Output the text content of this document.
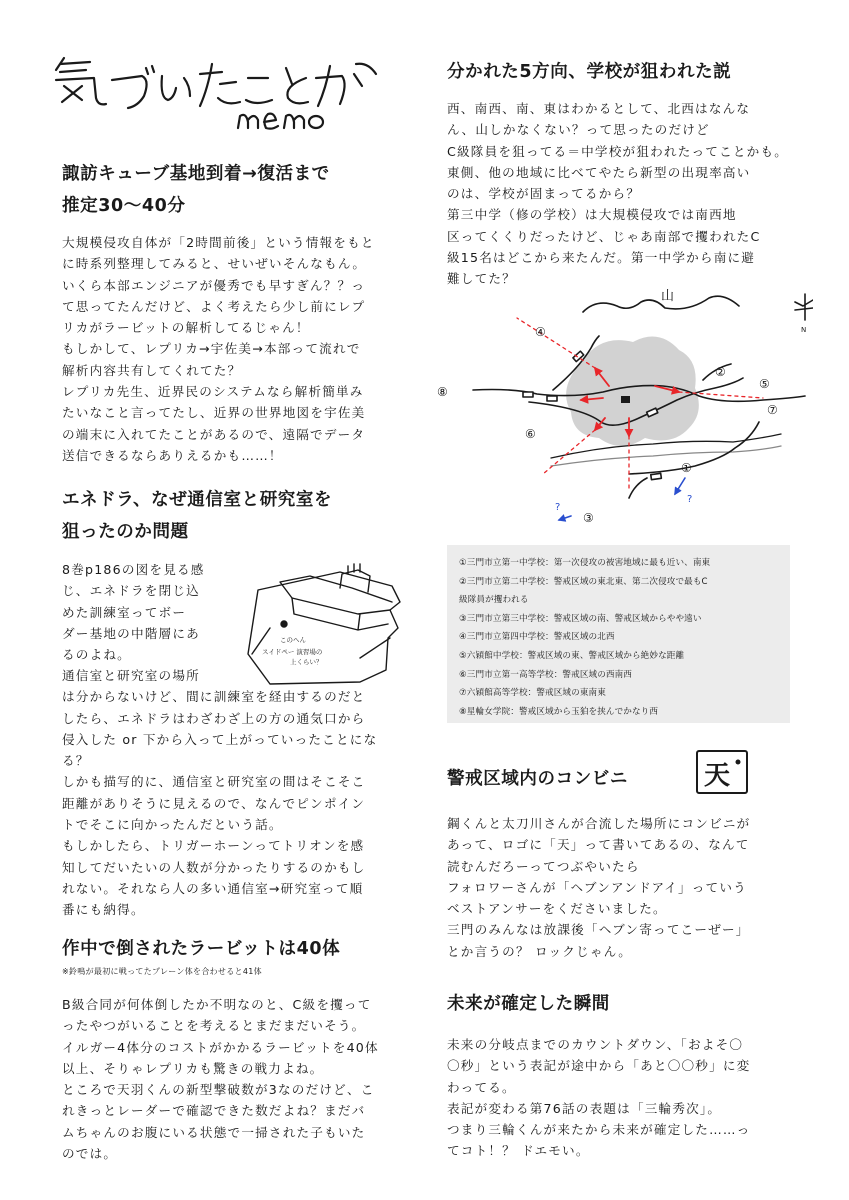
諏訪キューブ基地到着→復活まで
推定30〜40分
大規模侵攻自体が「2時間前後」という情報をもと
に時系列整理してみると、せいぜいそんなもん。
いくら本部エンジニアが優秀でも早すぎん？？っ
て思ってたんだけど、よく考えたら少し前にレプ
リカがラービットの解析してるじゃん！
もしかして、レプリカ→宇佐美→本部って流れで
解析内容共有してくれてた？
レプリカ先生、近界民のシステムなら解析簡単み
たいなこと言ってたし、近界の世界地図を宇佐美
の端末に入れてたことがあるので、遠隔でデータ
送信できるならありえるかも……！
エネドラ、なぜ通信室と研究室を
狙ったのか問題
8巻p186の図を見る感
じ、エネドラを閉じ込
めた訓練室ってボー
ダー基地の中階層にあ
るのよね。
通信室と研究室の場所
は分からないけど、間に訓練室を経由するのだと
したら、エネドラはわざわざ上の方の通気口から
侵入した or 下から入って上がっていったことにな
る？
しかも描写的に、通信室と研究室の間はそこそこ
距離がありそうに見えるので、なんでピンポイン
トでそこに向かったんだという話。
もしかしたら、トリガーホーンってトリオンを感
知してだいたいの人数が分かったりするのかもし
れない。それなら人の多い通信室→研究室って順
番にも納得。
このへん
スイドペー 演習場の
上くらい？
作中で倒されたラービットは40体
※鈴鳴が最初に戦ってたプレーン体を合わせると41体
B級合同が何体倒したか不明なのと、C級を攫って
ったやつがいることを考えるとまだまだいそう。
イルガー4体分のコストがかかるラービットを40体
以上、そりゃレプリカも驚きの戦力よね。
ところで天羽くんの新型撃破数が3なのだけど、こ
れきっとレーダーで確認できた数だよね？まだバ
ムちゃんのお腹にいる状態で一掃された子もいた
のでは。
分かれた5方向、学校が狙われた説
西、南西、南、東はわかるとして、北西はなんな
ん、山しかなくない？って思ったのだけど
C級隊員を狙ってる＝中学校が狙われたってことかも。
東側、他の地域に比べてやたら新型の出現率高い
のは、学校が固まってるから？
第三中学（修の学校）は大規模侵攻では南西地
区ってくくりだったけど、じゃあ南部で攫われたC
級15名はどこから来たんだ。第一中学から南に避
難してた？
山
N
?
?
④
⑧
②
⑤
⑦
⑥
①
③
①三門市立第一中学校：第一次侵攻の被害地域に最も近い、南東
②三門市立第二中学校：警戒区域の東北東、第二次侵攻で最もC
級隊員が攫われる
③三門市立第三中学校：警戒区域の南、警戒区域からやや遠い
④三門市立第四中学校：警戒区域の北西
⑤六穎館中学校：警戒区域の東、警戒区域から絶妙な距離
⑥三門市立第一高等学校：警戒区域の西南西
⑦六穎館高等学校：警戒区域の東南東
⑧星輪女学院：警戒区域から玉狛を挟んでかなり西
警戒区域内のコンビニ	天
鋼くんと太刀川さんが合流した場所にコンビニが
あって、ロゴに「天」って書いてあるの、なんて
読むんだろーってつぶやいたら
フォロワーさんが「ヘブンアンドアイ」っていう
ベストアンサーをくださいました。
三門のみんなは放課後「ヘブン寄ってこーぜー」
とか言うの？ ロックじゃん。
未来が確定した瞬間
未来の分岐点までのカウントダウン、「およそ〇
〇秒」という表記が途中から「あと〇〇秒」に変
わってる。
表記が変わる第76話の表題は「三輪秀次」。
つまり三輪くんが来たから未来が確定した……っ
てコト！？ ドエモい。
